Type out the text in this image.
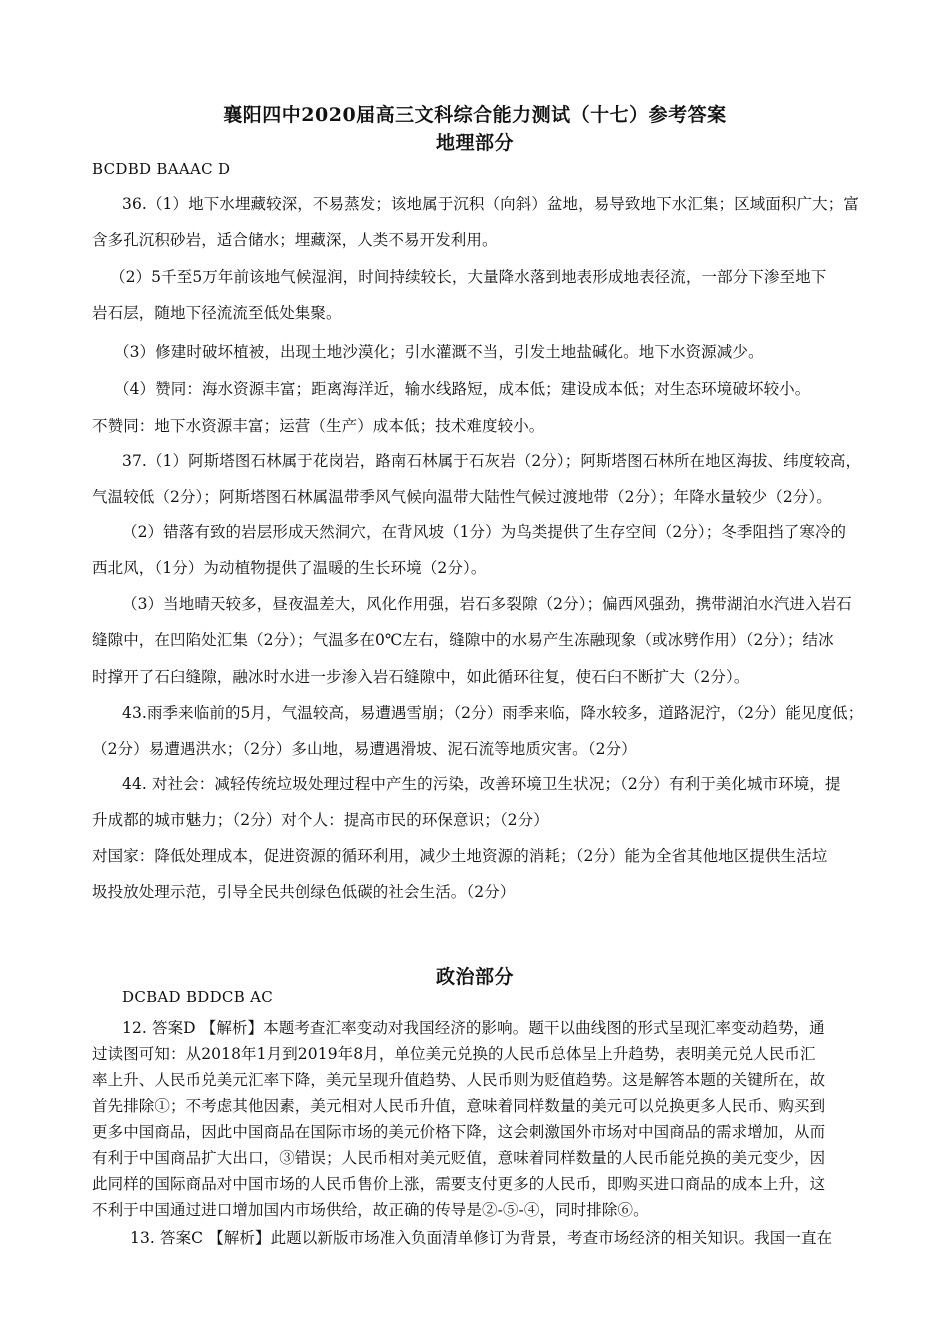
襄阳四中2020届高三文科综合能力测试（十七）参考答案
地理部分
BCDBD BAAAC D
36.（1）地下水埋藏较深，不易蒸发；该地属于沉积（向斜）盆地，易导致地下水汇集；区域面积广大；富
含多孔沉积砂岩，适合储水；埋藏深，人类不易开发利用。
（2）5千至5万年前该地气候湿润，时间持续较长，大量降水落到地表形成地表径流，一部分下渗至地下
岩石层，随地下径流流至低处集聚。
（3）修建时破坏植被，出现土地沙漠化；引水灌溉不当，引发土地盐碱化。地下水资源减少。
（4）赞同：海水资源丰富；距离海洋近，输水线路短，成本低；建设成本低；对生态环境破坏较小。
不赞同：地下水资源丰富；运营（生产）成本低；技术难度较小。
37.（1）阿斯塔图石林属于花岗岩，路南石林属于石灰岩（2分）；阿斯塔图石林所在地区海拔、纬度较高，
气温较低（2分）；阿斯塔图石林属温带季风气候向温带大陆性气候过渡地带（2分）；年降水量较少（2分）。
（2）错落有致的岩层形成天然洞穴，在背风坡（1分）为鸟类提供了生存空间（2分）；冬季阻挡了寒冷的
西北风，（1分）为动植物提供了温暖的生长环境（2分）。
（3）当地晴天较多，昼夜温差大，风化作用强，岩石多裂隙（2分）；偏西风强劲，携带湖泊水汽进入岩石
缝隙中，在凹陷处汇集（2分）；气温多在0℃左右，缝隙中的水易产生冻融现象（或冰劈作用）（2分）；结冰
时撑开了石臼缝隙，融冰时水进一步渗入岩石缝隙中，如此循环往复，使石臼不断扩大（2分）。
43.雨季来临前的5月，气温较高，易遭遇雪崩；（2分）雨季来临，降水较多，道路泥泞，（2分）能见度低；
（2分）易遭遇洪水；（2分）多山地，易遭遇滑坡、泥石流等地质灾害。（2分）
44. 对社会：减轻传统垃圾处理过程中产生的污染，改善环境卫生状况；（2分）有利于美化城市环境，提
升成都的城市魅力；（2分）对个人：提高市民的环保意识；（2分）
对国家：降低处理成本，促进资源的循环利用，减少土地资源的消耗；（2分）能为全省其他地区提供生活垃
圾投放处理示范，引导全民共创绿色低碳的社会生活。（2分）
政治部分
DCBAD BDDCB AC
12. 答案D 【解析】本题考查汇率变动对我国经济的影响。题干以曲线图的形式呈现汇率变动趋势，通
过读图可知：从2018年1月到2019年8月，单位美元兑换的人民币总体呈上升趋势，表明美元兑人民币汇
率上升、人民币兑美元汇率下降，美元呈现升值趋势、人民币则为贬值趋势。这是解答本题的关键所在，故
首先排除①；不考虑其他因素，美元相对人民币升值，意味着同样数量的美元可以兑换更多人民币、购买到
更多中国商品，因此中国商品在国际市场的美元价格下降，这会刺激国外市场对中国商品的需求增加，从而
有利于中国商品扩大出口，③错误；人民币相对美元贬值，意味着同样数量的人民币能兑换的美元变少，因
此同样的国际商品对中国市场的人民币售价上涨，需要支付更多的人民币，即购买进口商品的成本上升，这
不利于中国通过进口增加国内市场供给，故正确的传导是②-⑤-④，同时排除⑥。
13. 答案C 【解析】此题以新版市场准入负面清单修订为背景，考查市场经济的相关知识。我国一直在
